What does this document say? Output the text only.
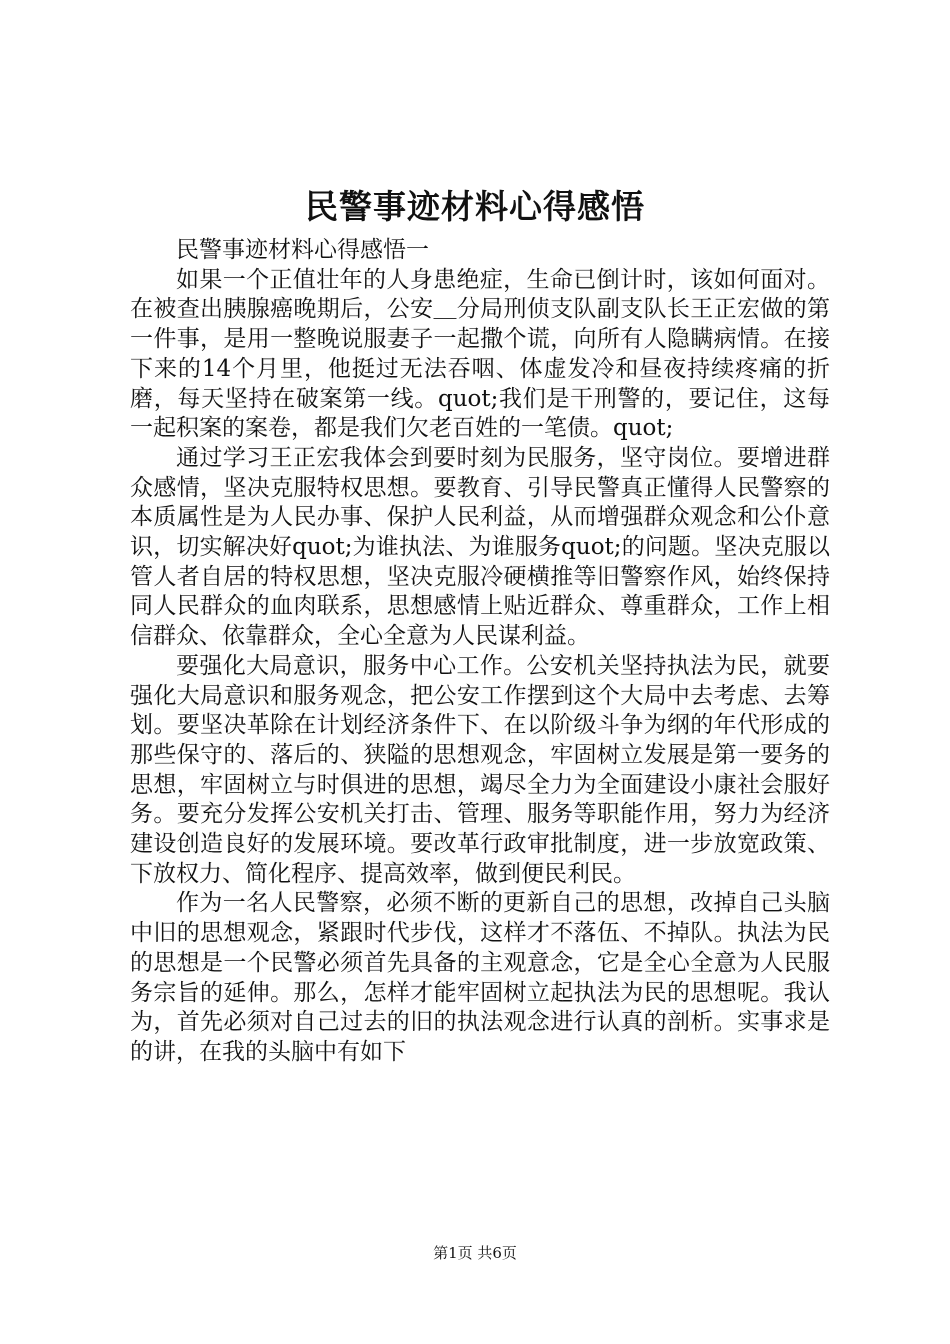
民警事迹材料心得感悟

民警事迹材料心得感悟一

如果一个正值壮年的人身患绝症，生命已倒计时，该如何面对。在被查出胰腺癌晚期后，公安＿分局刑侦支队副支队长王正宏做的第一件事，是用一整晚说服妻子一起撒个谎，向所有人隐瞒病情。在接下来的14个月里，他挺过无法吞咽、体虚发冷和昼夜持续疼痛的折磨，每天坚持在破案第一线。quot;我们是干刑警的，要记住，这每一起积案的案卷，都是我们欠老百姓的一笔债。quot;

通过学习王正宏我体会到要时刻为民服务，坚守岗位。要增进群众感情，坚决克服特权思想。要教育、引导民警真正懂得人民警察的本质属性是为人民办事、保护人民利益，从而增强群众观念和公仆意识，切实解决好quot;为谁执法、为谁服务quot;的问题。坚决克服以管人者自居的特权思想，坚决克服冷硬横推等旧警察作风，始终保持同人民群众的血肉联系，思想感情上贴近群众、尊重群众，工作上相信群众、依靠群众，全心全意为人民谋利益。

要强化大局意识，服务中心工作。公安机关坚持执法为民，就要强化大局意识和服务观念，把公安工作摆到这个大局中去考虑、去筹划。要坚决革除在计划经济条件下、在以阶级斗争为纲的年代形成的那些保守的、落后的、狭隘的思想观念，牢固树立发展是第一要务的思想，牢固树立与时俱进的思想，竭尽全力为全面建设小康社会服好务。要充分发挥公安机关打击、管理、服务等职能作用，努力为经济建设创造良好的发展环境。要改革行政审批制度，进一步放宽政策、下放权力、简化程序、提高效率，做到便民利民。

作为一名人民警察，必须不断的更新自己的思想，改掉自己头脑中旧的思想观念，紧跟时代步伐，这样才不落伍、不掉队。执法为民的思想是一个民警必须首先具备的主观意念，它是全心全意为人民服务宗旨的延伸。那么，怎样才能牢固树立起执法为民的思想呢。我认为，首先必须对自己过去的旧的执法观念进行认真的剖析。实事求是的讲，在我的头脑中有如下

第1页 共6页
